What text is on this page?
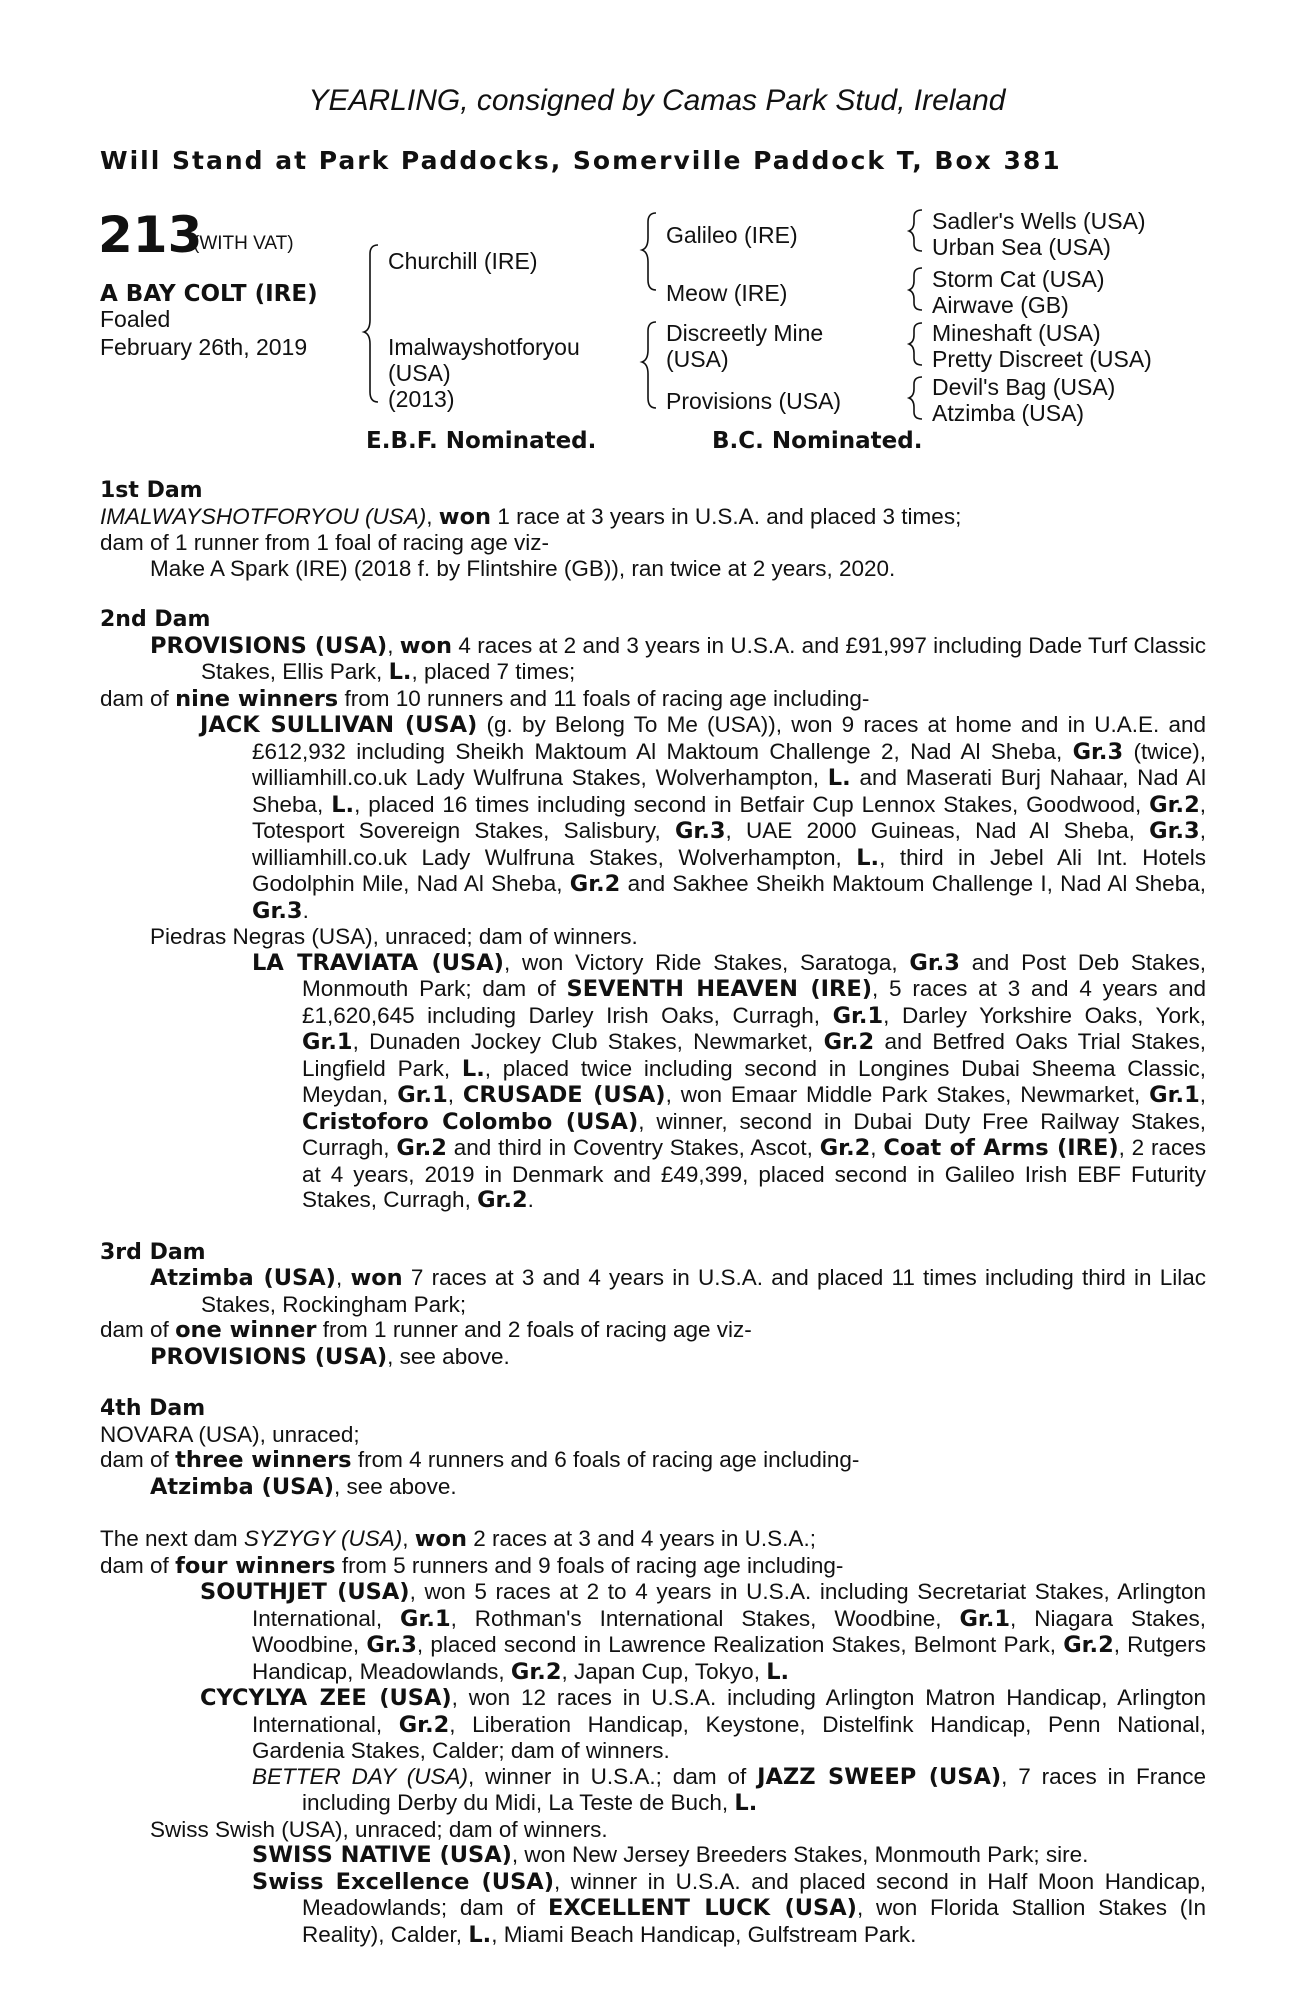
YEARLING, consigned by Camas Park Stud, Ireland
Will Stand at Park Paddocks, Somerville Paddock T, Box 381
213
(WITH VAT)
A BAY COLT (IRE)
Foaled
February 26th, 2019
Churchill (IRE)
Imalwayshotforyou
(USA)
(2013)
Galileo (IRE)
Meow (IRE)
Discreetly Mine
(USA)
Provisions (USA)
Sadler's Wells (USA)
Urban Sea (USA)
Storm Cat (USA)
Airwave (GB)
Mineshaft (USA)
Pretty Discreet (USA)
Devil's Bag (USA)
Atzimba (USA)
E.B.F. Nominated.	B.C. Nominated.

1st Dam

IMALWAYSHOTFORYOU (USA), won 1 race at 3 years in U.S.A. and placed 3 times;

dam of 1 runner from 1 foal of racing age viz-

Make A Spark (IRE) (2018 f. by Flintshire (GB)), ran twice at 2 years, 2020.

2nd Dam

PROVISIONS (USA), won 4 races at 2 and 3 years in U.S.A. and £91,997 including Dade Turf Classic Stakes, Ellis Park, L., placed 7 times;

dam of nine winners from 10 runners and 11 foals of racing age including-

JACK SULLIVAN (USA) (g. by Belong To Me (USA)), won 9 races at home and in U.A.E. and £612,932 including Sheikh Maktoum Al Maktoum Challenge 2, Nad Al Sheba, Gr.3 (twice), williamhill.co.uk Lady Wulfruna Stakes, Wolverhampton, L. and Maserati Burj Nahaar, Nad Al Sheba, L., placed 16 times including second in Betfair Cup Lennox Stakes, Goodwood, Gr.2, Totesport Sovereign Stakes, Salisbury, Gr.3, UAE 2000 Guineas, Nad Al Sheba, Gr.3, williamhill.co.uk Lady Wulfruna Stakes, Wolverhampton, L., third in Jebel Ali Int. Hotels Godolphin Mile, Nad Al Sheba, Gr.2 and Sakhee Sheikh Maktoum Challenge I, Nad Al Sheba, Gr.3.

Piedras Negras (USA), unraced; dam of winners.

LA TRAVIATA (USA), won Victory Ride Stakes, Saratoga, Gr.3 and Post Deb Stakes, Monmouth Park; dam of SEVENTH HEAVEN (IRE), 5 races at 3 and 4 years and £1,620,645 including Darley Irish Oaks, Curragh, Gr.1, Darley Yorkshire Oaks, York, Gr.1, Dunaden Jockey Club Stakes, Newmarket, Gr.2 and Betfred Oaks Trial Stakes, Lingfield Park, L., placed twice including second in Longines Dubai Sheema Classic, Meydan, Gr.1, CRUSADE (USA), won Emaar Middle Park Stakes, Newmarket, Gr.1, Cristoforo Colombo (USA), winner, second in Dubai Duty Free Railway Stakes, Curragh, Gr.2 and third in Coventry Stakes, Ascot, Gr.2, Coat of Arms (IRE), 2 races at 4 years, 2019 in Denmark and £49,399, placed second in Galileo Irish EBF Futurity Stakes, Curragh, Gr.2.

3rd Dam

Atzimba (USA), won 7 races at 3 and 4 years in U.S.A. and placed 11 times including third in Lilac Stakes, Rockingham Park;

dam of one winner from 1 runner and 2 foals of racing age viz-

PROVISIONS (USA), see above.

4th Dam

NOVARA (USA), unraced;

dam of three winners from 4 runners and 6 foals of racing age including-

Atzimba (USA), see above.

The next dam SYZYGY (USA), won 2 races at 3 and 4 years in U.S.A.;

dam of four winners from 5 runners and 9 foals of racing age including-

SOUTHJET (USA), won 5 races at 2 to 4 years in U.S.A. including Secretariat Stakes, Arlington International, Gr.1, Rothman's International Stakes, Woodbine, Gr.1, Niagara Stakes, Woodbine, Gr.3, placed second in Lawrence Realization Stakes, Belmont Park, Gr.2, Rutgers Handicap, Meadowlands, Gr.2, Japan Cup, Tokyo, L.

CYCYLYA ZEE (USA), won 12 races in U.S.A. including Arlington Matron Handicap, Arlington International, Gr.2, Liberation Handicap, Keystone, Distelfink Handicap, Penn National, Gardenia Stakes, Calder; dam of winners.

BETTER DAY (USA), winner in U.S.A.; dam of JAZZ SWEEP (USA), 7 races in France including Derby du Midi, La Teste de Buch, L.

Swiss Swish (USA), unraced; dam of winners.

SWISS NATIVE (USA), won New Jersey Breeders Stakes, Monmouth Park; sire.

Swiss Excellence (USA), winner in U.S.A. and placed second in Half Moon Handicap, Meadowlands; dam of EXCELLENT LUCK (USA), won Florida Stallion Stakes (In Reality), Calder, L., Miami Beach Handicap, Gulfstream Park.
